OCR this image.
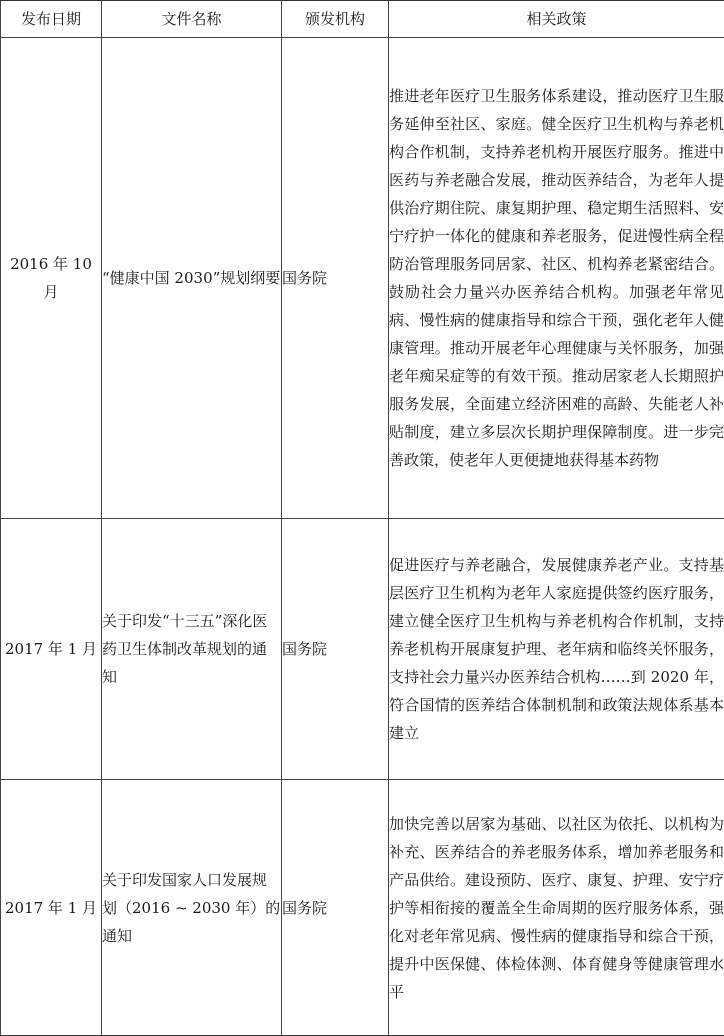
发布日期	文件名称	颁发机构	相关政策
2016 年 10 月	“健康中国 2030”规划纲要	国务院	推进老年医疗卫生服务体系建设，推动医疗卫生服务延伸至社区、家庭。健全医疗卫生机构与养老机构合作机制，支持养老机构开展医疗服务。推进中医药与养老融合发展，推动医养结合，为老年人提供治疗期住院、康复期护理、稳定期生活照料、安宁疗护一体化的健康和养老服务，促进慢性病全程防治管理服务同居家、社区、机构养老紧密结合。鼓励社会力量兴办医养结合机构。加强老年常见病、慢性病的健康指导和综合干预，强化老年人健康管理。推动开展老年心理健康与关怀服务，加强老年痴呆症等的有效干预。推动居家老人长期照护服务发展，全面建立经济困难的高龄、失能老人补贴制度，建立多层次长期护理保障制度。进一步完善政策，使老年人更便捷地获得基本药物
2017 年 1 月	关于印发“十三五”深化医药卫生体制改革规划的通知	国务院	促进医疗与养老融合，发展健康养老产业。支持基层医疗卫生机构为老年人家庭提供签约医疗服务，建立健全医疗卫生机构与养老机构合作机制，支持养老机构开展康复护理、老年病和临终关怀服务，支持社会力量兴办医养结合机构……到 2020 年，符合国情的医养结合体制机制和政策法规体系基本建立
2017 年 1 月	关于印发国家人口发展规划（2016 ~ 2030 年）的通知	国务院	加快完善以居家为基础、以社区为依托、以机构为补充、医养结合的养老服务体系，增加养老服务和产品供给。建设预防、医疗、康复、护理、安宁疗护等相衔接的覆盖全生命周期的医疗服务体系，强化对老年常见病、慢性病的健康指导和综合干预，提升中医保健、体检体测、体育健身等健康管理水平
